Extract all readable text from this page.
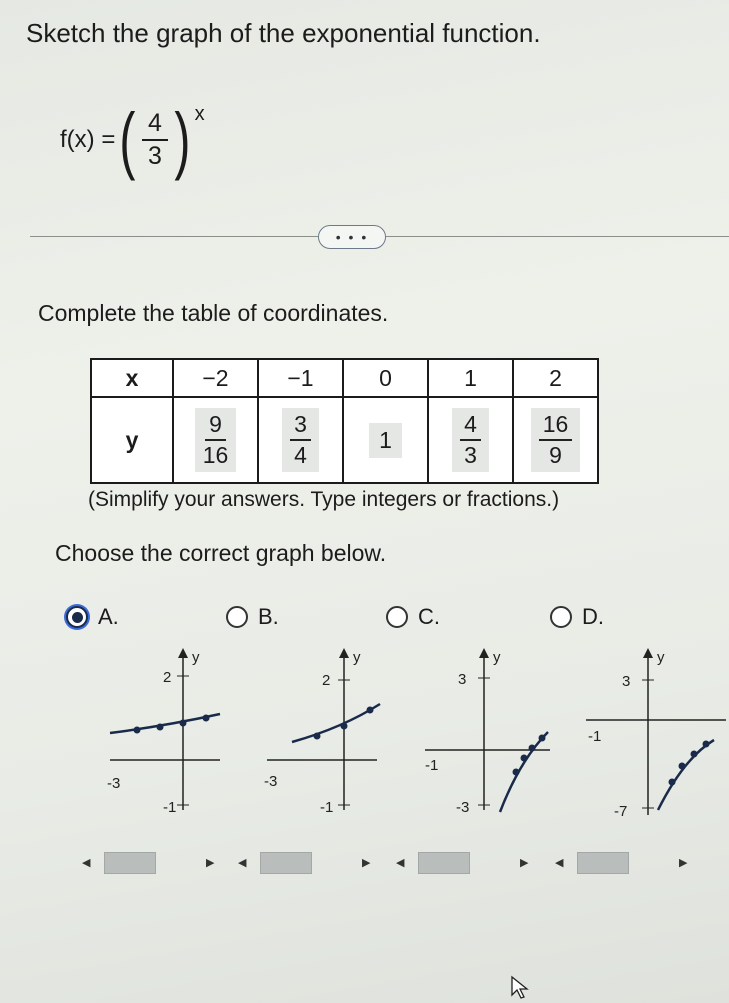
Sketch the graph of the exponential function.
f(x) = ( $\frac{4}{3}$ ) x
• • •
Complete the table of coordinates.
x	−2	−1	0	1	2
y	$\frac{9}{16}$	$\frac{3}{4}$	1	$\frac{4}{3}$	$\frac{16}{9}$
(Simplify your answers. Type integers or fractions.)
Choose the correct graph below.
A.	B.	C.	D.
y
2
-3
-1
y
2
-3
-1
y
3
-1
-3
y
3
-1
-7
◀	▶ ◀	▶ ◀	▶ ◀	▶
